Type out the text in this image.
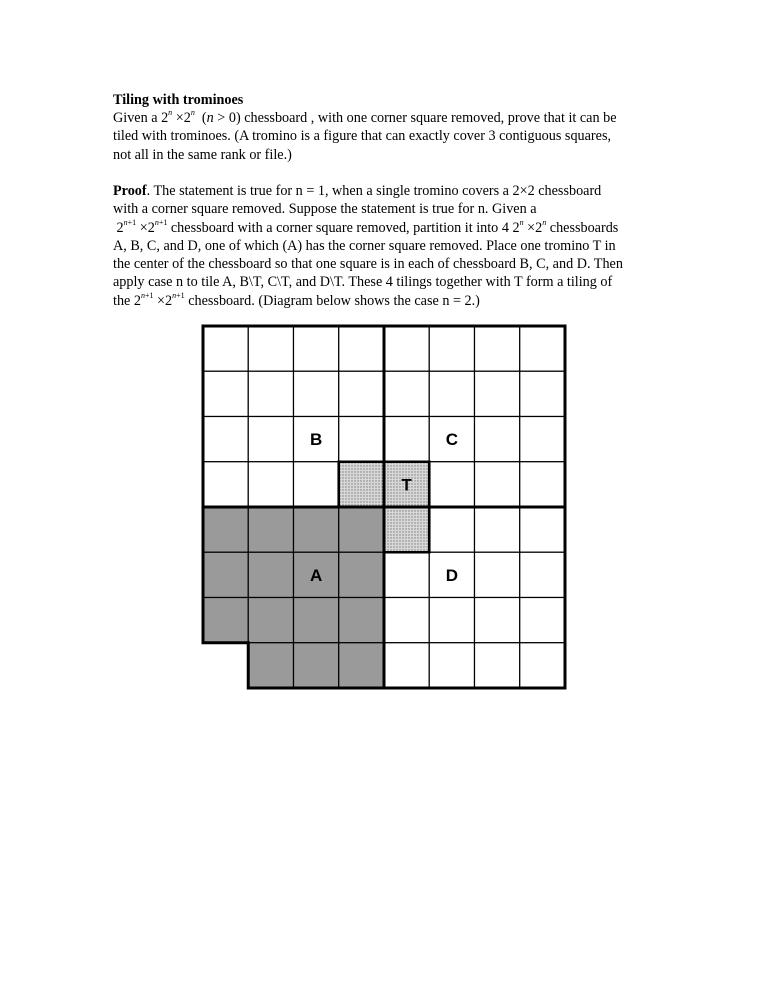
Tiling with trominoes
Given a $2^n \times 2^n$  (n > 0) chessboard , with one corner square removed, prove that it can be
tiled with trominoes. (A tromino is a figure that can exactly cover 3 contiguous squares,
not all in the same rank or file.)
Proof. The statement is true for n = 1, when a single tromino covers a 2×2 chessboard
with a corner square removed. Suppose the statement is true for n. Given a
$2^{n+1} \times 2^{n+1}$ chessboard with a corner square removed, partition it into 4 $2^n \times 2^n$ chessboards
A, B, C, and D, one of which (A) has the corner square removed. Place one tromino T in
the center of the chessboard so that one square is in each of chessboard B, C, and D. Then
apply case n to tile A, B\T, C\T, and D\T. These 4 tilings together with T form a tiling of
the $2^{n+1} \times 2^{n+1}$ chessboard. (Diagram below shows the case n = 2.)
B	C
T
A	D
